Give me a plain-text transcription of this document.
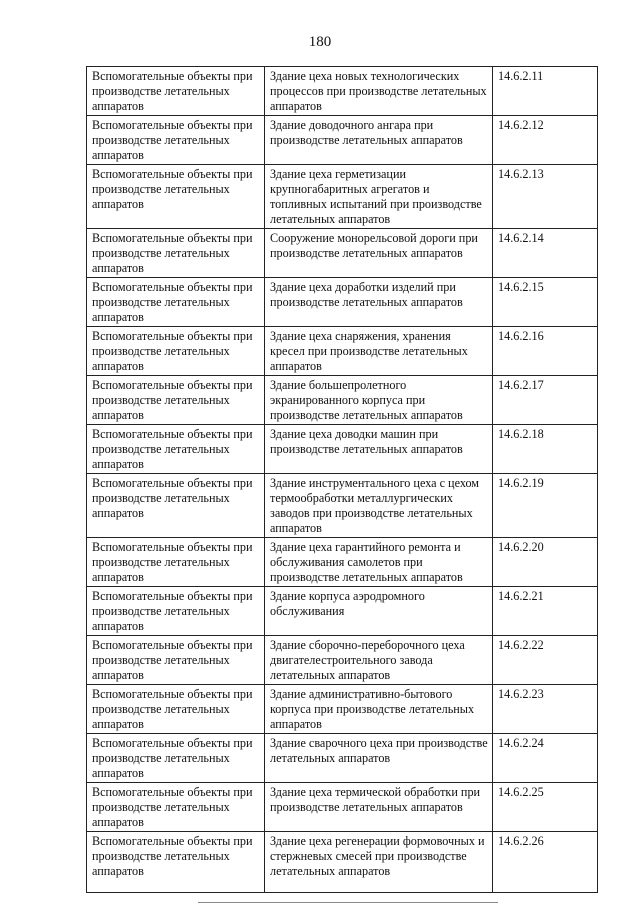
180
Вспомогательные объекты при производстве летательных аппаратов	Здание цеха новых технологических процессов при производстве летательных аппаратов	14.6.2.11
Вспомогательные объекты при производстве летательных аппаратов	Здание доводочного ангара при производстве летательных аппаратов	14.6.2.12
Вспомогательные объекты при производстве летательных аппаратов	Здание цеха герметизации крупногабаритных агрегатов и топливных испытаний при производстве летательных аппаратов	14.6.2.13
Вспомогательные объекты при производстве летательных аппаратов	Сооружение монорельсовой дороги при производстве летательных аппаратов	14.6.2.14
Вспомогательные объекты при производстве летательных аппаратов	Здание цеха доработки изделий при производстве летательных аппаратов	14.6.2.15
Вспомогательные объекты при производстве летательных аппаратов	Здание цеха снаряжения, хранения кресел при производстве летательных аппаратов	14.6.2.16
Вспомогательные объекты при производстве летательных аппаратов	Здание большепролетного экранированного корпуса при производстве летательных аппаратов	14.6.2.17
Вспомогательные объекты при производстве летательных аппаратов	Здание цеха доводки машин при производстве летательных аппаратов	14.6.2.18
Вспомогательные объекты при производстве летательных аппаратов	Здание инструментального цеха с цехом термообработки металлургических заводов при производстве летательных аппаратов	14.6.2.19
Вспомогательные объекты при производстве летательных аппаратов	Здание цеха гарантийного ремонта и обслуживания самолетов при производстве летательных аппаратов	14.6.2.20
Вспомогательные объекты при производстве летательных аппаратов	Здание корпуса аэродромного обслуживания	14.6.2.21
Вспомогательные объекты при производстве летательных аппаратов	Здание сборочно-переборочного цеха двигателестроительного завода летательных аппаратов	14.6.2.22
Вспомогательные объекты при производстве летательных аппаратов	Здание административно-бытового корпуса при производстве летательных аппаратов	14.6.2.23
Вспомогательные объекты при производстве летательных аппаратов	Здание сварочного цеха при производстве летательных аппаратов	14.6.2.24
Вспомогательные объекты при производстве летательных аппаратов	Здание цеха термической обработки при производстве летательных аппаратов	14.6.2.25
Вспомогательные объекты при производстве летательных аппаратов	Здание цеха регенерации формовочных и стержневых смесей при производстве летательных аппаратов	14.6.2.26
